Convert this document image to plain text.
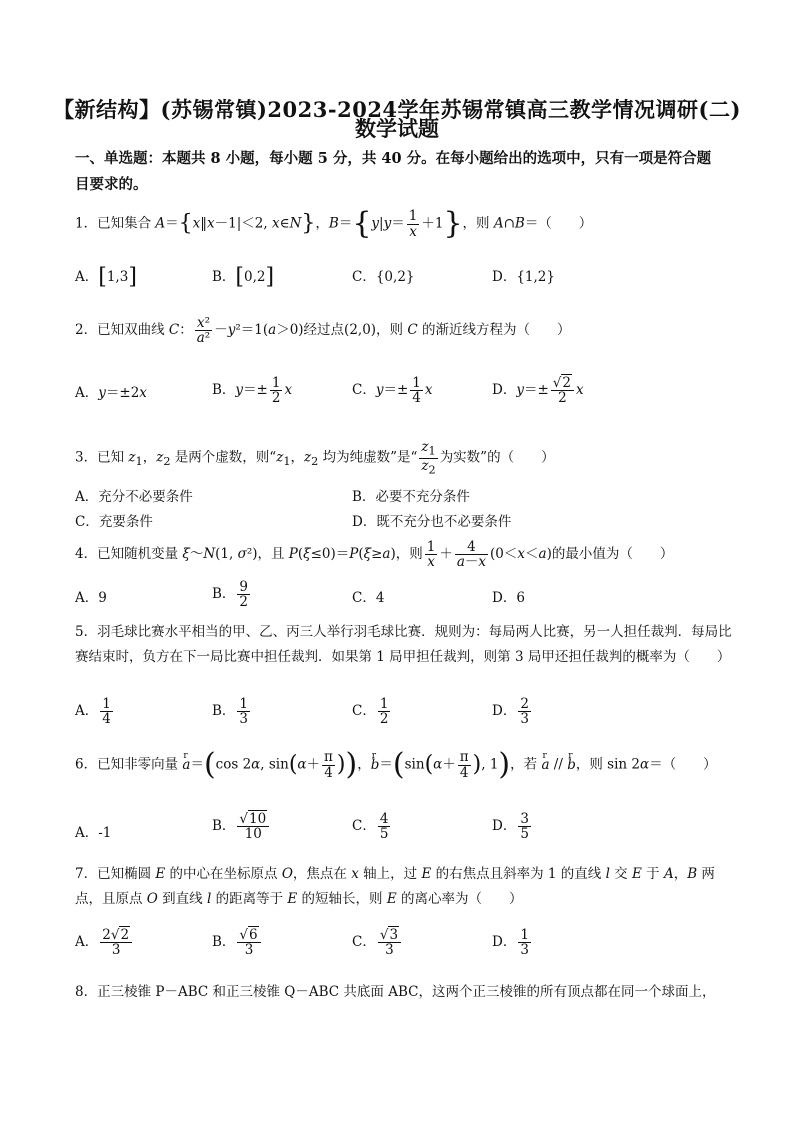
【新结构】(苏锡常镇)2023-2024学年苏锡常镇高三教学情况调研(二)
数学试题
一、单选题：本题共 8 小题，每小题 5 分，共 40 分。在每小题给出的选项中，只有一项是符合题目要求的。
1．已知集合 A＝{x‖x－1|＜2, x∈N}，$B=\{y|y= \frac{1}{x} +1\}$，则 A∩B＝（　　）
A．[1,3]	B．[0,2]	C．{0,2}	D．{1,2}
2．已知双曲线 C： $\frac{\text{x²}}{\text{a²}} -y^2=1(a>0)$经过点(2,0)，则 C 的渐近线方程为（　　）
A．y＝±2x	B．$y=\pm \frac{1}{2}$ x	C．$y=\pm \frac{1}{4}$ x	D．$y=\pm \frac{√2}{2}$ x
3．已知 $z_1$，$z_2$ 是两个虚数，则“$z_1$，$z_2$ 均为纯虚数”是“ $\frac{z_1}{z_2}$ 为实数”的（　　）
A．充分不必要条件	B．必要不充分条件
C．充要条件	D．既不充分也不必要条件
4．已知随机变量 ξ～N(1, σ²)，且 P(ξ≤0)＝P(ξ≥a)，则 $\frac{1}{x} + \frac{4}{a-x} (0<x<a)$的最小值为（　　）
A．9	B． $\frac{9}{2}$	C．4	D．6
5．羽毛球比赛水平相当的甲、乙、丙三人举行羽毛球比赛．规则为：每局两人比赛，另一人担任裁判．每局比赛结束时，负方在下一局比赛中担任裁判．如果第 1 局甲担任裁判，则第 3 局甲还担任裁判的概率为（　　）
A． $\frac{1}{4}$	B． $\frac{1}{3}$	C． $\frac{1}{2}$	D． $\frac{2}{3}$
6．已知非零向量 r a＝(cos 2α, $\sin(\alpha+ \frac{\pi}{4}$ ))，r $b=(\sin(\alpha+ \frac{\pi}{4}$ ), 1)，若 r a // r b，则 sin 2α＝（　　）
A．-1	B． $\frac{√10}{10}$	C． $\frac{4}{5}$	D． $\frac{3}{5}$
7．已知椭圆 E 的中心在坐标原点 O，焦点在 x 轴上，过 E 的右焦点且斜率为 1 的直线 l 交 E 于 A，B 两点，且原点 O 到直线 l 的距离等于 E 的短轴长，则 E 的离心率为（　　）
A． $\frac{2√2}{3}$	B． $\frac{√6}{3}$	C． $\frac{√3}{3}$	D． $\frac{1}{3}$
8．正三棱锥 P－ABC 和正三棱锥 Q－ABC 共底面 ABC，这两个正三棱锥的所有顶点都在同一个球面上，
